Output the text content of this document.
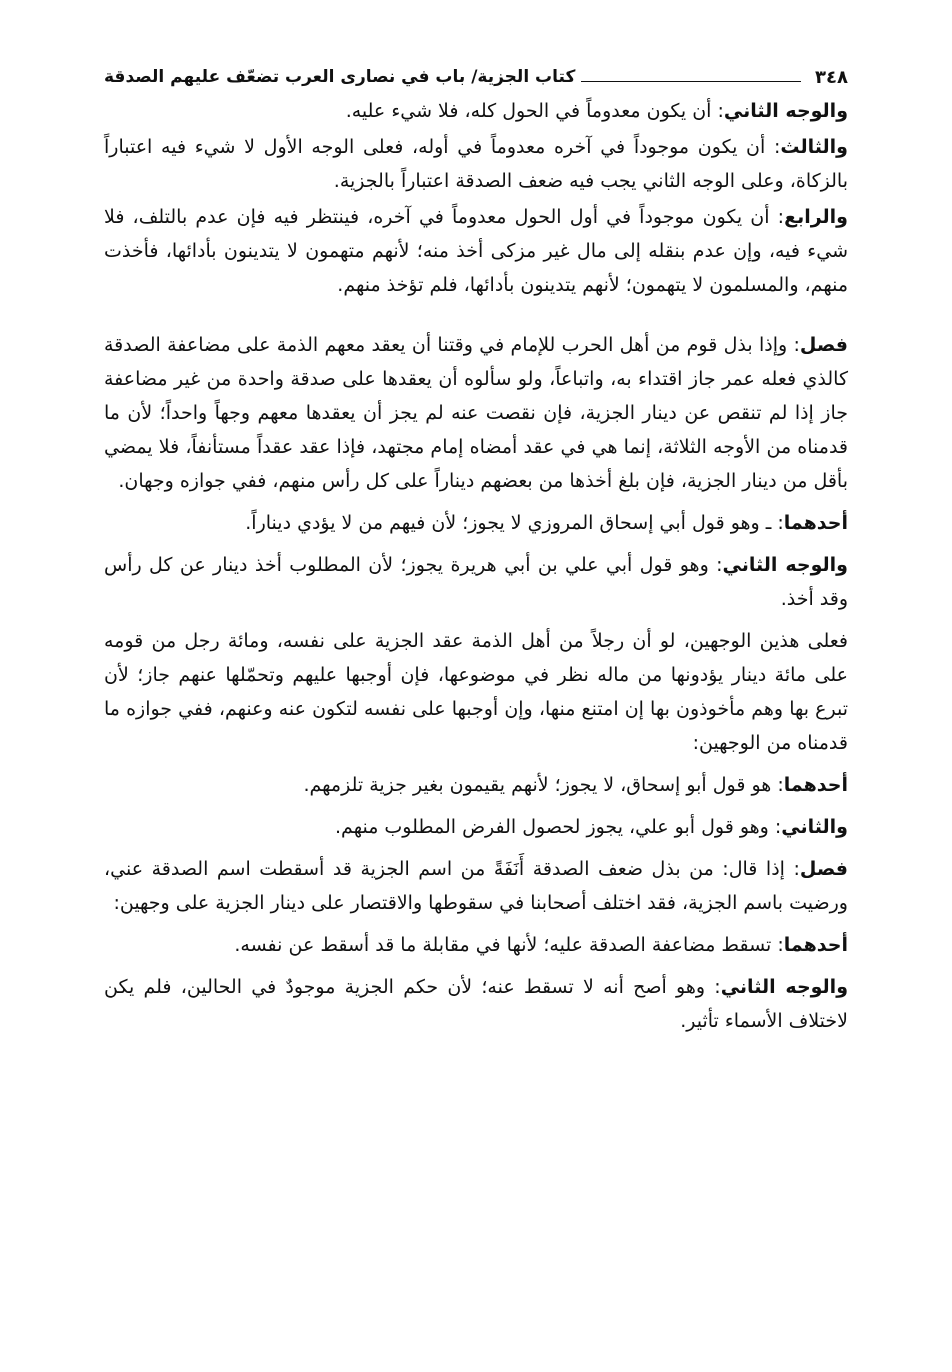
٣٤٨
كتاب الجزية/ باب في نصارى العرب تضعّف عليهم الصدقة

والوجه الثاني: أن يكون معدوماً في الحول كله، فلا شيء عليه.

والثالث: أن يكون موجوداً في آخره معدوماً في أوله، فعلى الوجه الأول لا شيء فيه اعتباراً بالزكاة، وعلى الوجه الثاني يجب فيه ضعف الصدقة اعتباراً بالجزية.

والرابع: أن يكون موجوداً في أول الحول معدوماً في آخره، فينتظر فيه فإن عدم بالتلف، فلا شيء فيه، وإن عدم بنقله إلى مال غير مزكى أخذ منه؛ لأنهم متهمون لا يتدينون بأدائها، فأخذت منهم، والمسلمون لا يتهمون؛ لأنهم يتدينون بأدائها، فلم تؤخذ منهم.

فصل: وإذا بذل قوم من أهل الحرب للإمام في وقتنا أن يعقد معهم الذمة على مضاعفة الصدقة كالذي فعله عمر جاز اقتداء به، واتباعاً، ولو سألوه أن يعقدها على صدقة واحدة من غير مضاعفة جاز إذا لم تنقص عن دينار الجزية، فإن نقصت عنه لم يجز أن يعقدها معهم وجهاً واحداً؛ لأن ما قدمناه من الأوجه الثلاثة، إنما هي في عقد أمضاه إمام مجتهد، فإذا عقد عقداً مستأنفاً، فلا يمضي بأقل من دينار الجزية، فإن بلغ أخذها من بعضهم ديناراً على كل رأس منهم، ففي جوازه وجهان.

أحدهما: ـ وهو قول أبي إسحاق المروزي لا يجوز؛ لأن فيهم من لا يؤدي ديناراً.

والوجه الثاني: وهو قول أبي علي بن أبي هريرة يجوز؛ لأن المطلوب أخذ دينار عن كل رأس وقد أخذ.

فعلى هذين الوجهين، لو أن رجلاً من أهل الذمة عقد الجزية على نفسه، ومائة رجل من قومه على مائة دينار يؤدونها من ماله نظر في موضوعها، فإن أوجبها عليهم وتحمّلها عنهم جاز؛ لأن تبرع بها وهم مأخوذون بها إن امتنع منها، وإن أوجبها على نفسه لتكون عنه وعنهم، ففي جوازه ما قدمناه من الوجهين:

أحدهما: هو قول أبو إسحاق، لا يجوز؛ لأنهم يقيمون بغير جزية تلزمهم.

والثاني: وهو قول أبو علي، يجوز لحصول الفرض المطلوب منهم.

فصل: إذا قال: من بذل ضعف الصدقة أَنَفَةً من اسم الجزية قد أسقطت اسم الصدقة عني، ورضيت باسم الجزية، فقد اختلف أصحابنا في سقوطها والاقتصار على دينار الجزية على وجهين:

أحدهما: تسقط مضاعفة الصدقة عليه؛ لأنها في مقابلة ما قد أسقط عن نفسه.

والوجه الثاني: وهو أصح أنه لا تسقط عنه؛ لأن حكم الجزية موجودٌ في الحالين، فلم يكن لاختلاف الأسماء تأثير.
